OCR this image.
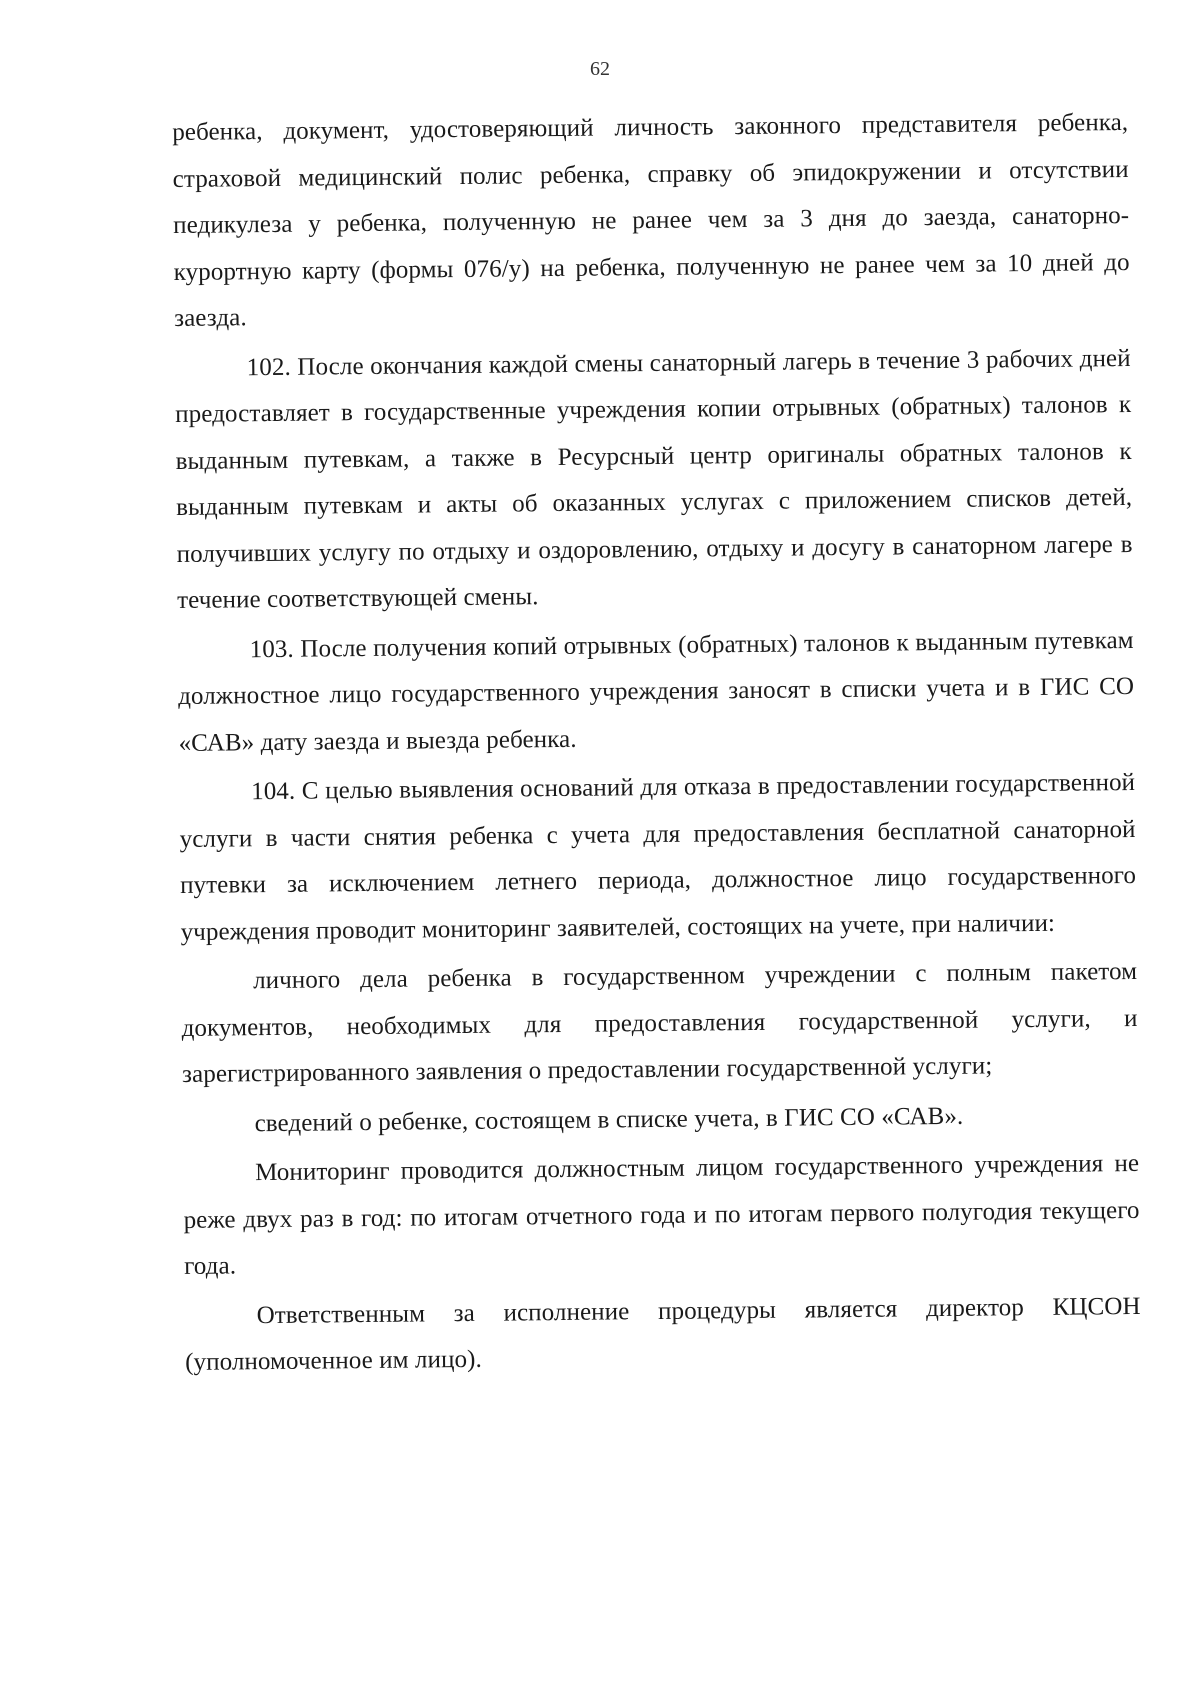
62

ребенка, документ, удостоверяющий личность законного представителя ребенка, страховой медицинский полис ребенка, справку об эпидокружении и отсутствии педикулеза у ребенка, полученную не ранее чем за 3 дня до заезда, санаторно-курортную карту (формы 076/у) на ребенка, полученную не ранее чем за 10 дней до заезда.

102. После окончания каждой смены санаторный лагерь в течение 3 рабочих дней предоставляет в государственные учреждения копии отрывных (обратных) талонов к выданным путевкам, а также в Ресурсный центр оригиналы обратных талонов к выданным путевкам и акты об оказанных услугах с приложением списков детей, получивших услугу по отдыху и оздоровлению, отдыху и досугу в санаторном лагере в течение соответствующей смены.

103. После получения копий отрывных (обратных) талонов к выданным путевкам должностное лицо государственного учреждения заносят в списки учета и в ГИС СО «САВ» дату заезда и выезда ребенка.

104. С целью выявления оснований для отказа в предоставлении государственной услуги в части снятия ребенка с учета для предоставления бесплатной санаторной путевки за исключением летнего периода, должностное лицо государственного учреждения проводит мониторинг заявителей, состоящих на учете, при наличии:

личного дела ребенка в государственном учреждении с полным пакетом документов, необходимых для предоставления государственной услуги, и зарегистрированного заявления о предоставлении государственной услуги;

сведений о ребенке, состоящем в списке учета, в ГИС СО «САВ».

Мониторинг проводится должностным лицом государственного учреждения не реже двух раз в год: по итогам отчетного года и по итогам первого полугодия текущего года.

Ответственным за исполнение процедуры является директор КЦСОН (уполномоченное им лицо).
